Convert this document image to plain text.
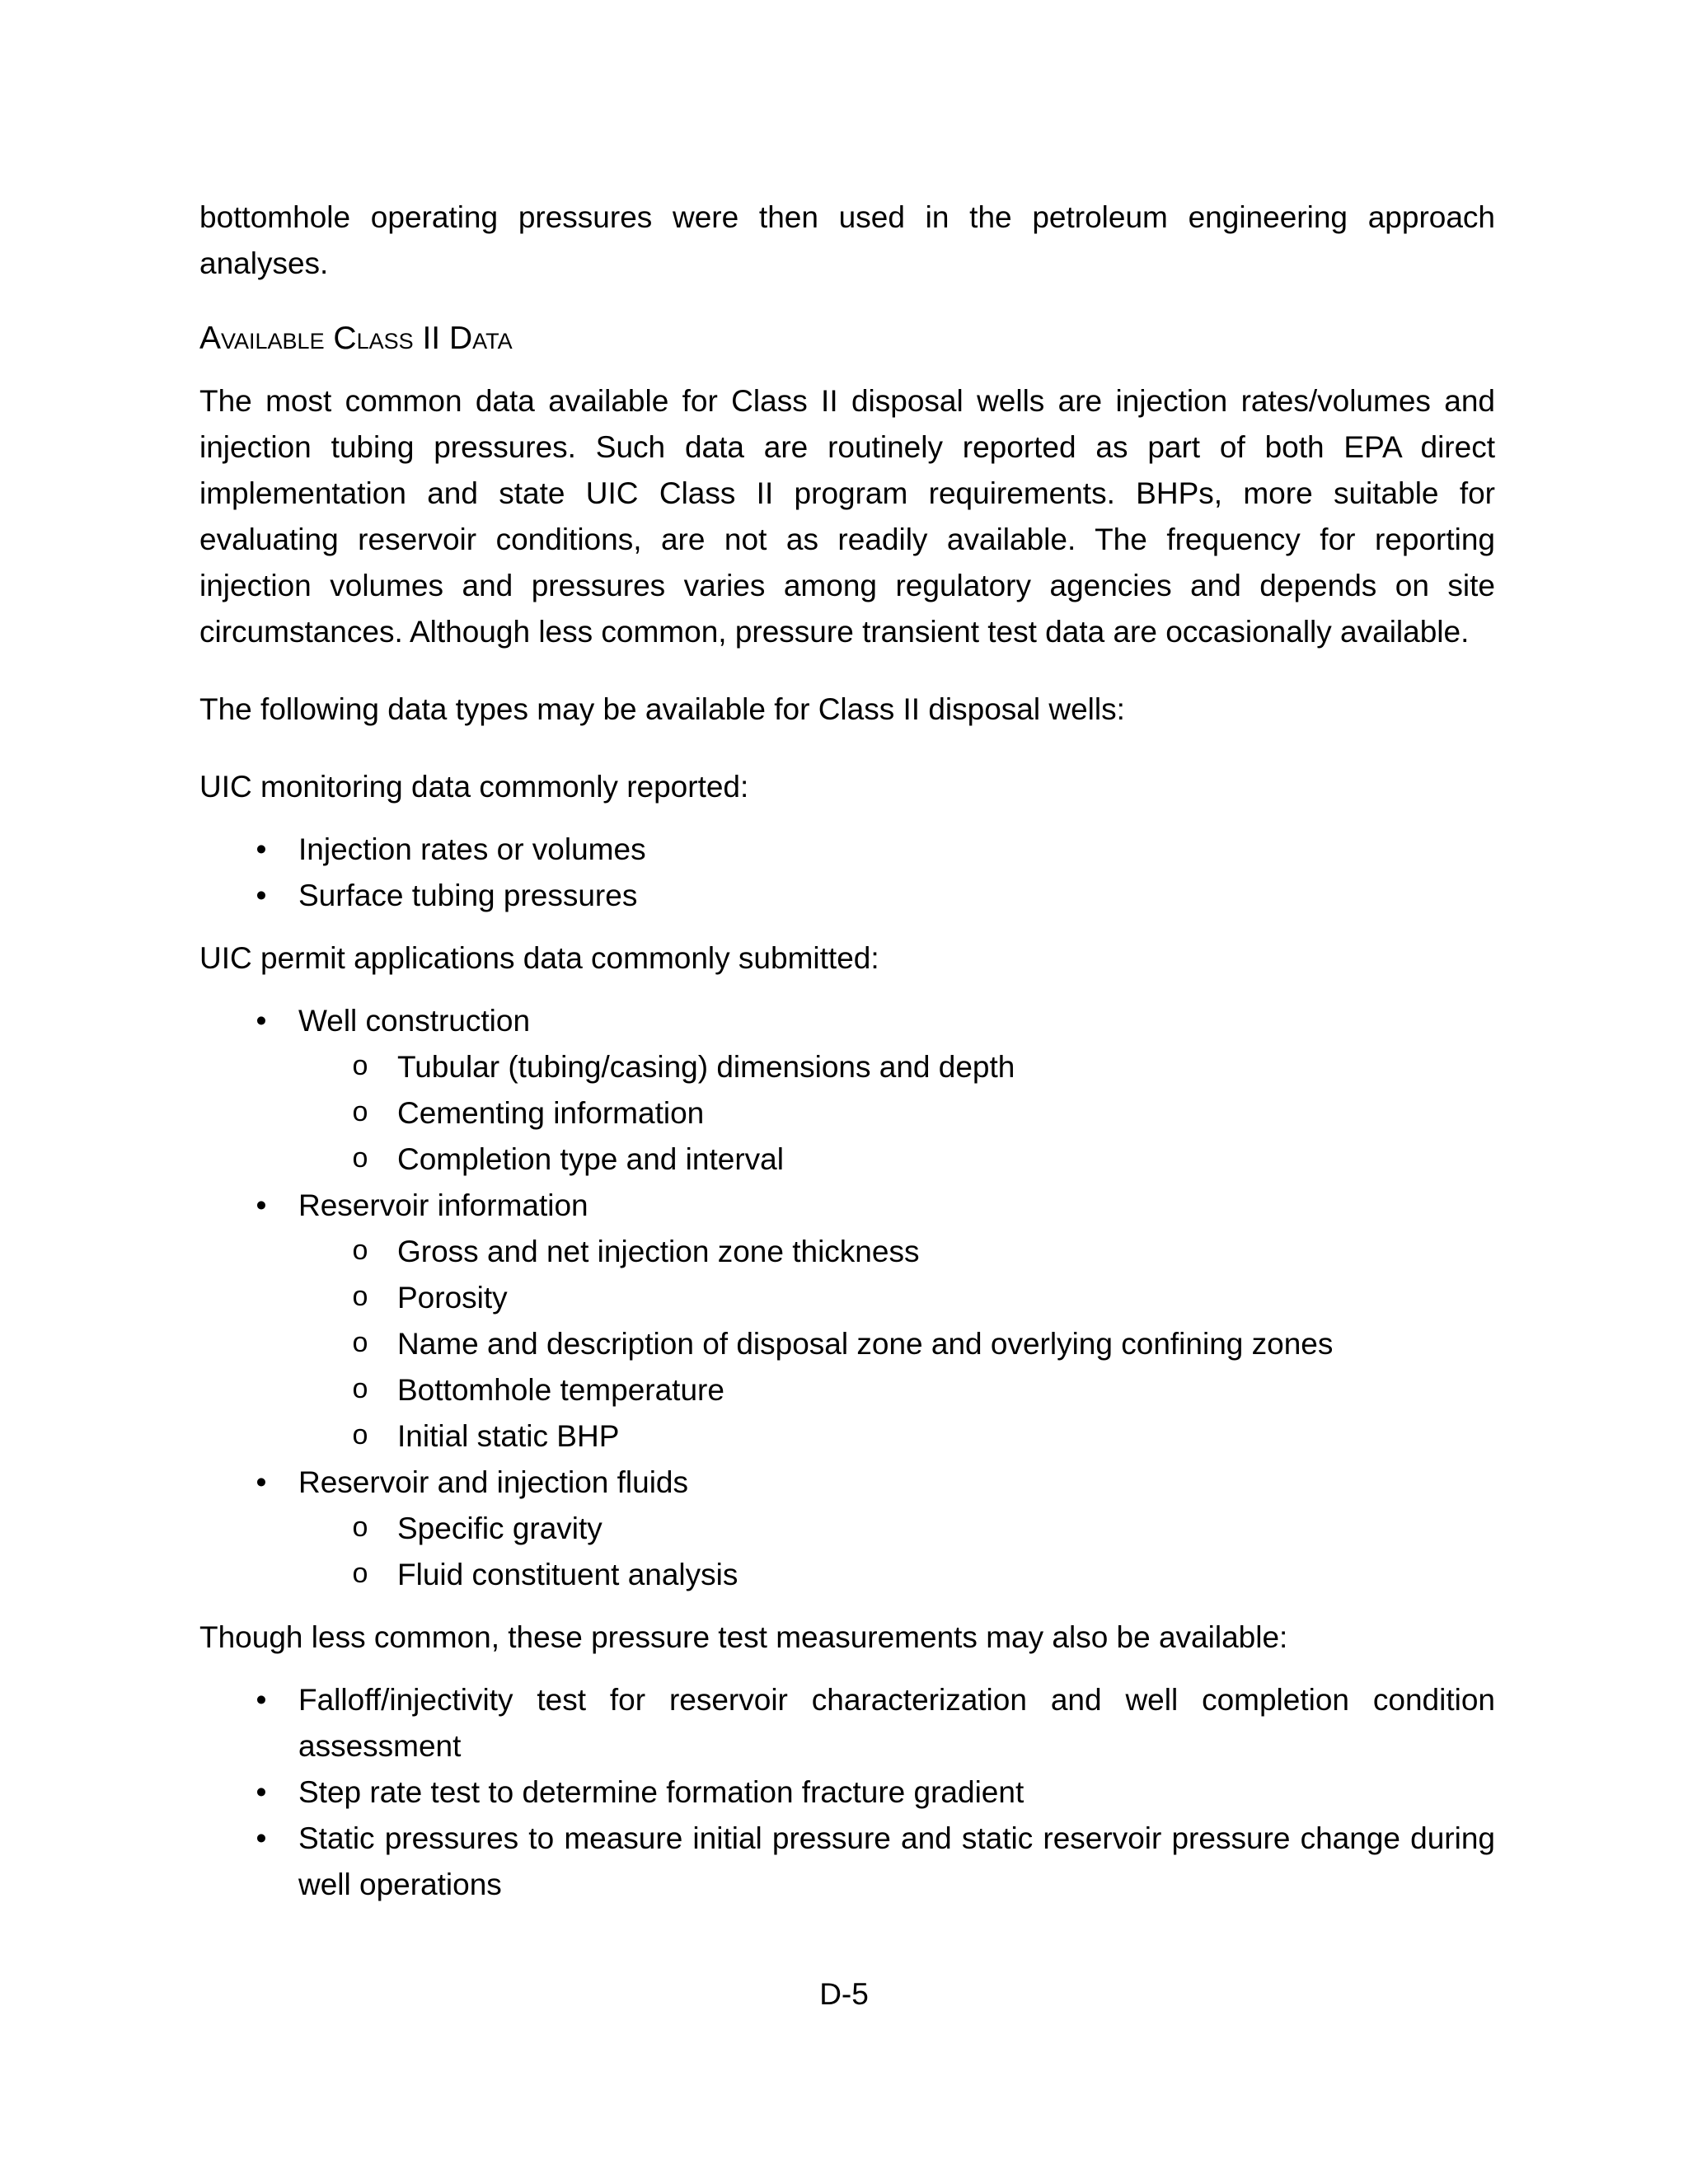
bottomhole operating pressures were then used in the petroleum engineering approach analyses.

Available Class II Data

The most common data available for Class II disposal wells are injection rates/volumes and injection tubing pressures. Such data are routinely reported as part of both EPA direct implementation and state UIC Class II program requirements. BHPs, more suitable for evaluating reservoir conditions, are not as readily available. The frequency for reporting injection volumes and pressures varies among regulatory agencies and depends on site circumstances. Although less common, pressure transient test data are occasionally available.

The following data types may be available for Class II disposal wells:

UIC monitoring data commonly reported:

• Injection rates or volumes
• Surface tubing pressures

UIC permit applications data commonly submitted:

• Well construction
o Tubular (tubing/casing) dimensions and depth
o Cementing information
o Completion type and interval
• Reservoir information
o Gross and net injection zone thickness
o Porosity
o Name and description of disposal zone and overlying confining zones
o Bottomhole temperature
o Initial static BHP
• Reservoir and injection fluids
o Specific gravity
o Fluid constituent analysis

Though less common, these pressure test measurements may also be available:

• Falloff/injectivity test for reservoir characterization and well completion condition assessment
• Step rate test to determine formation fracture gradient
• Static pressures to measure initial pressure and static reservoir pressure change during well operations
D-5
